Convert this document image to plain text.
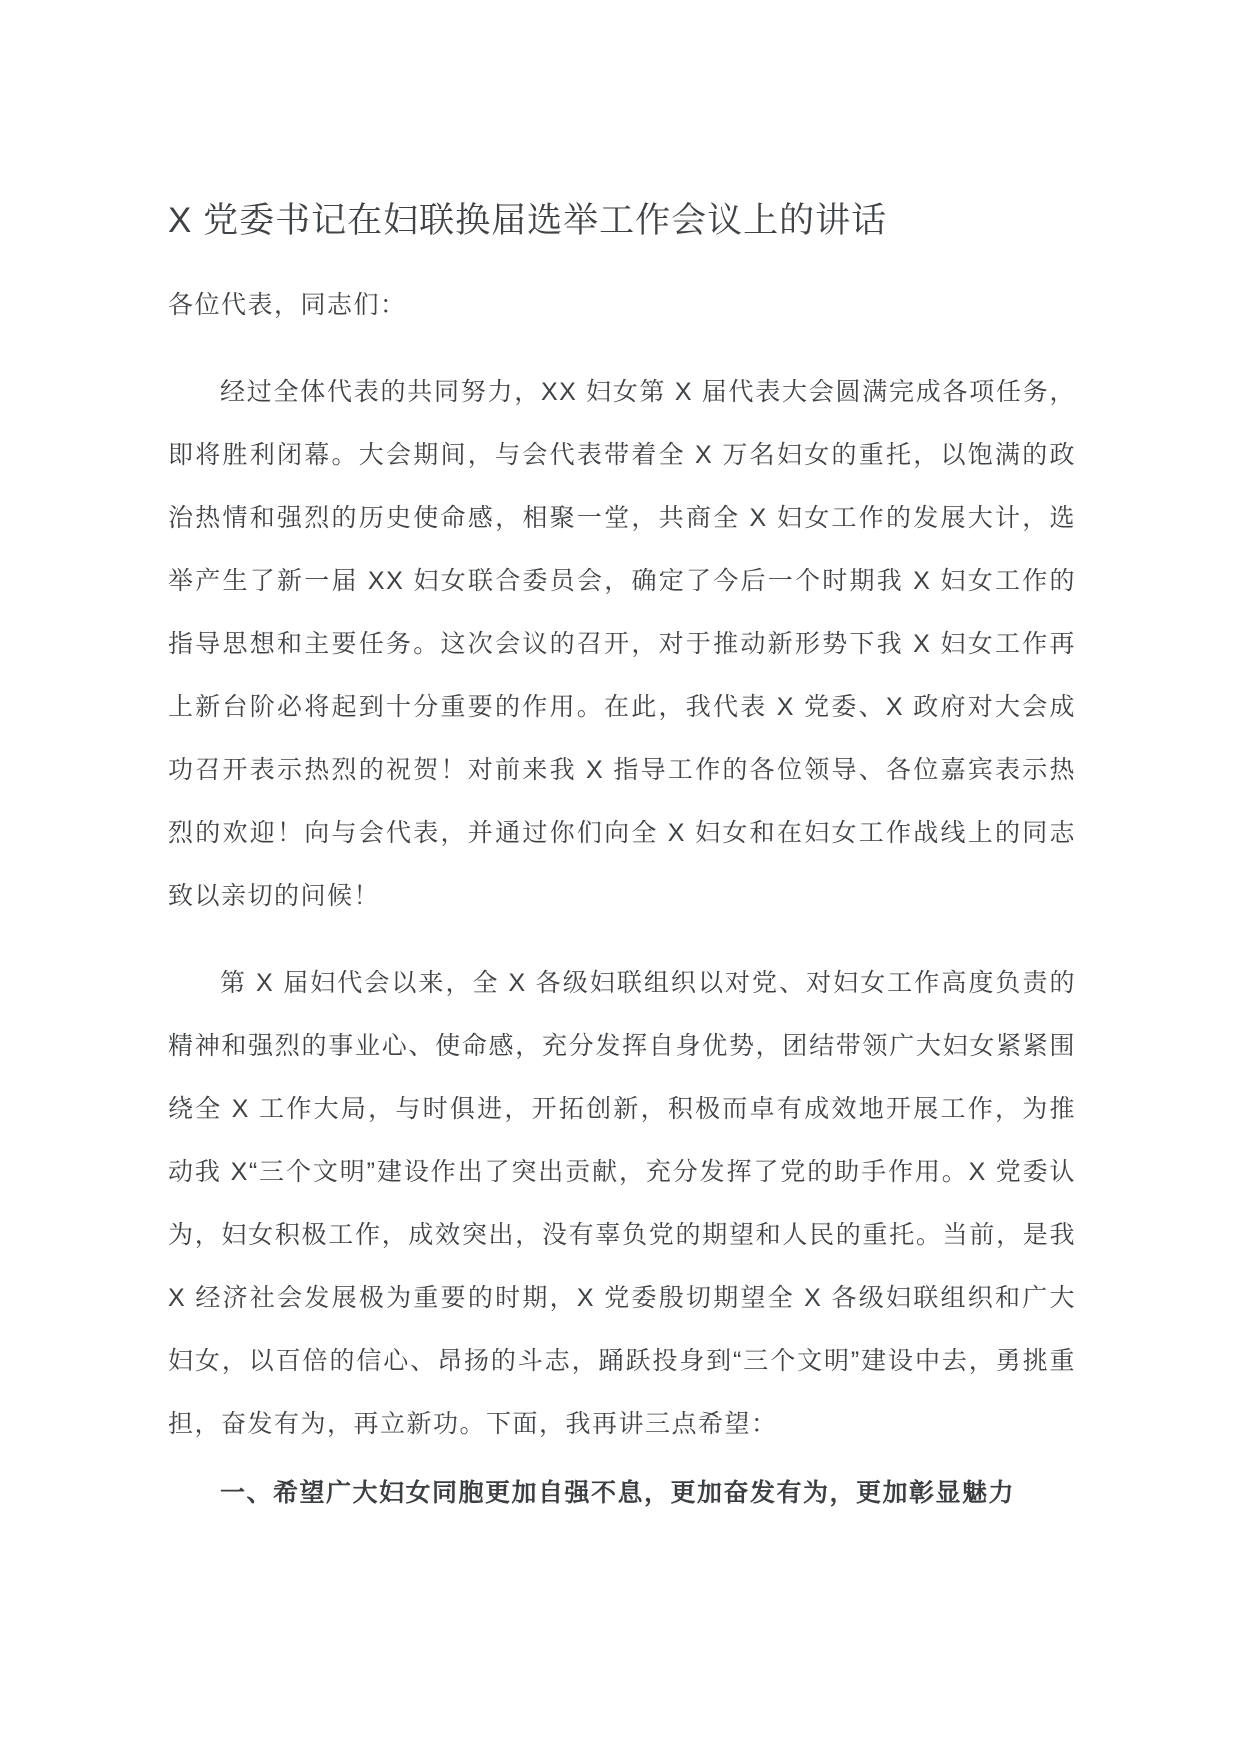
X 党委书记在妇联换届选举工作会议上的讲话

各位代表，同志们：

经过全体代表的共同努力，XX 妇女第 X 届代表大会圆满完成各项任务，即将胜利闭幕。大会期间，与会代表带着全 X 万名妇女的重托，以饱满的政治热情和强烈的历史使命感，相聚一堂，共商全 X 妇女工作的发展大计，选举产生了新一届 XX 妇女联合委员会，确定了今后一个时期我 X 妇女工作的指导思想和主要任务。这次会议的召开，对于推动新形势下我 X 妇女工作再上新台阶必将起到十分重要的作用。在此，我代表 X 党委、X 政府对大会成功召开表示热烈的祝贺！对前来我 X 指导工作的各位领导、各位嘉宾表示热烈的欢迎！向与会代表，并通过你们向全 X 妇女和在妇女工作战线上的同志致以亲切的问候！

第 X 届妇代会以来，全 X 各级妇联组织以对党、对妇女工作高度负责的精神和强烈的事业心、使命感，充分发挥自身优势，团结带领广大妇女紧紧围绕全 X 工作大局，与时俱进，开拓创新，积极而卓有成效地开展工作，为推动我 X“三个文明”建设作出了突出贡献，充分发挥了党的助手作用。X 党委认为，妇女积极工作，成效突出，没有辜负党的期望和人民的重托。当前，是我 X 经济社会发展极为重要的时期，X 党委殷切期望全 X 各级妇联组织和广大妇女，以百倍的信心、昂扬的斗志，踊跃投身到“三个文明”建设中去，勇挑重担，奋发有为，再立新功。下面，我再讲三点希望：

一、希望广大妇女同胞更加自强不息，更加奋发有为，更加彰显魅力
